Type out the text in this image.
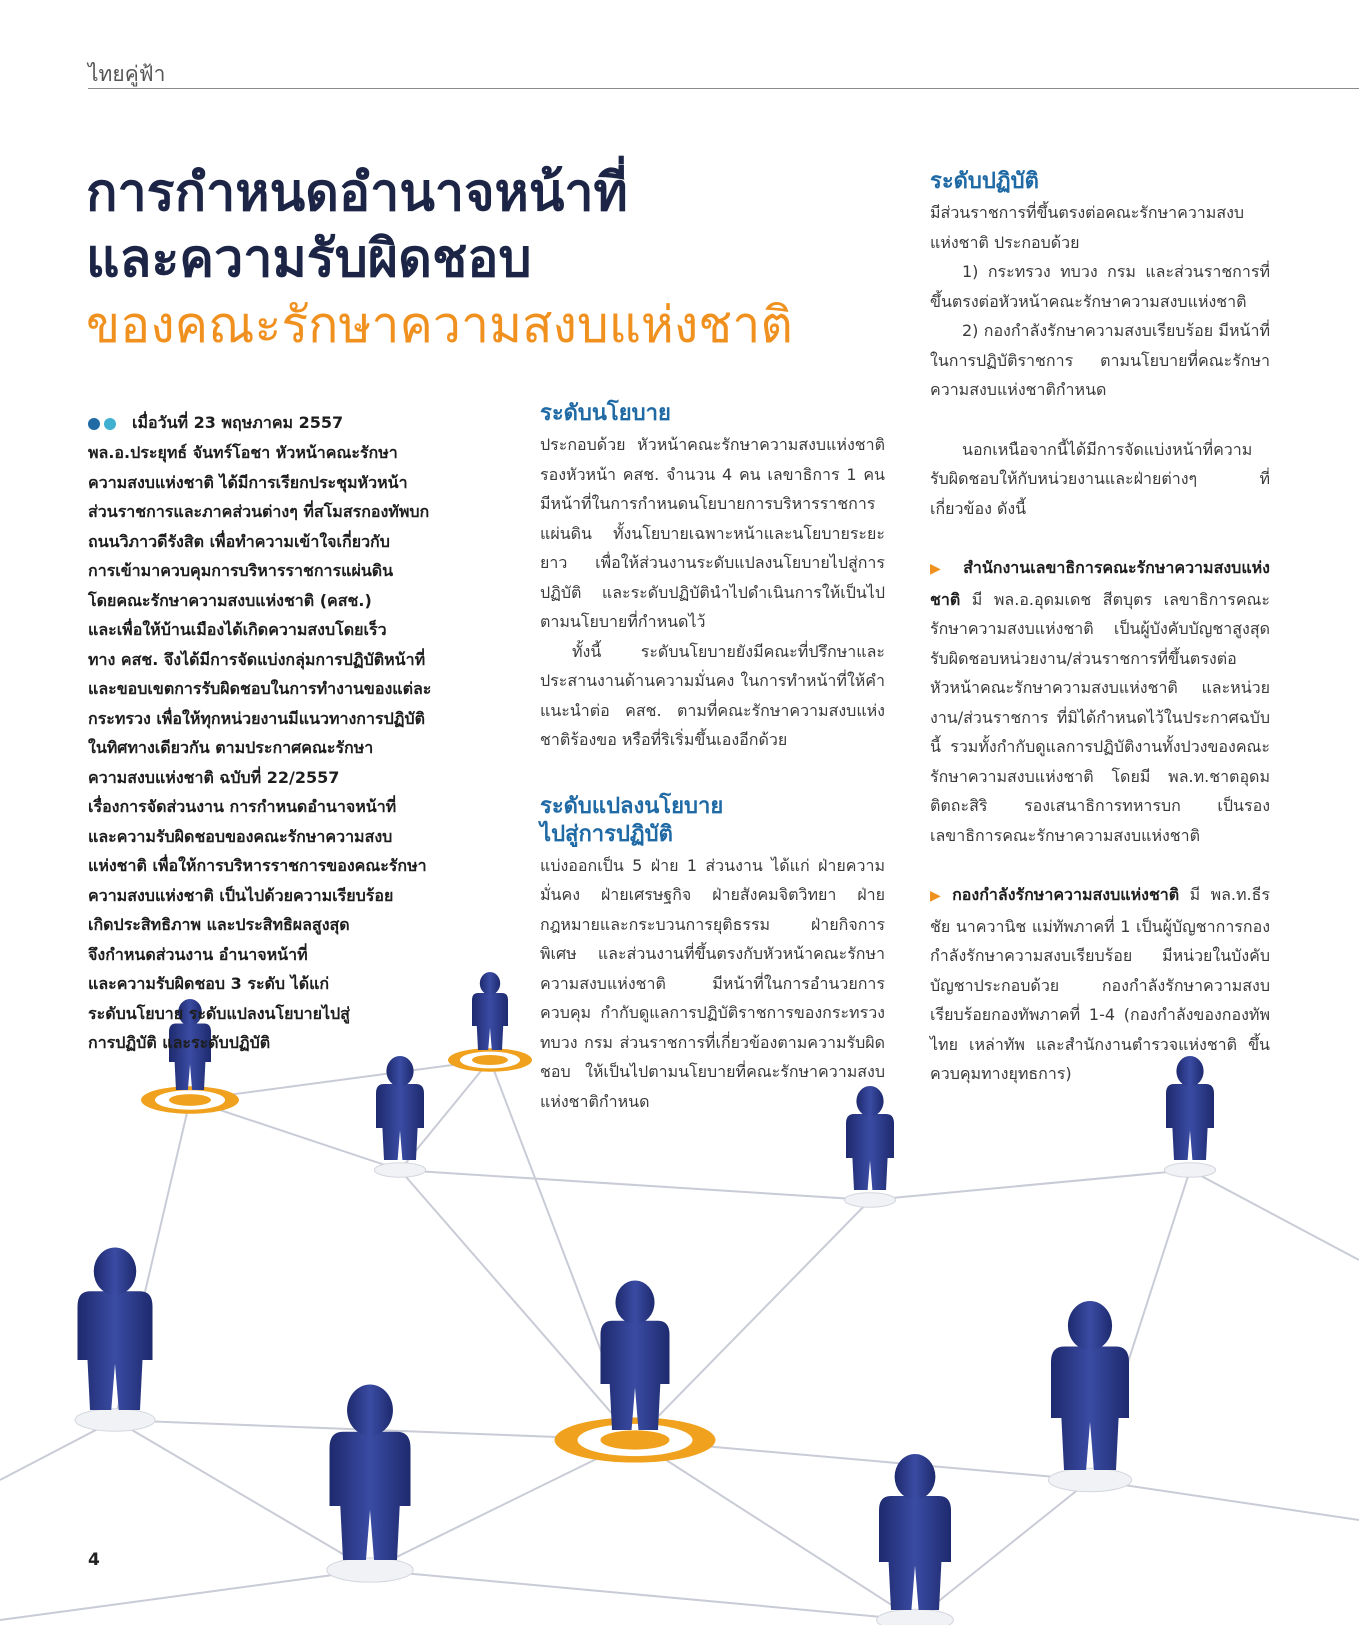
ไทยคู่ฟ้า
การกำหนดอำนาจหน้าที่
และความรับผิดชอบ
ของคณะรักษาความสงบแห่งชาติ
เมื่อวันที่ 23 พฤษภาคม 2557
พล.อ.ประยุทธ์ จันทร์โอชา หัวหน้าคณะรักษา
ความสงบแห่งชาติ ได้มีการเรียกประชุมหัวหน้า
ส่วนราชการและภาคส่วนต่างๆ ที่สโมสรกองทัพบก
ถนนวิภาวดีรังสิต เพื่อทำความเข้าใจเกี่ยวกับ
การเข้ามาควบคุมการบริหารราชการแผ่นดิน
โดยคณะรักษาความสงบแห่งชาติ (คสช.)
และเพื่อให้บ้านเมืองได้เกิดความสงบโดยเร็ว
ทาง คสช. จึงได้มีการจัดแบ่งกลุ่มการปฏิบัติหน้าที่
และขอบเขตการรับผิดชอบในการทำงานของแต่ละ
กระทรวง เพื่อให้ทุกหน่วยงานมีแนวทางการปฏิบัติ
ในทิศทางเดียวกัน ตามประกาศคณะรักษา
ความสงบแห่งชาติ ฉบับที่ 22/2557
เรื่องการจัดส่วนงาน การกำหนดอำนาจหน้าที่
และความรับผิดชอบของคณะรักษาความสงบ
แห่งชาติ เพื่อให้การบริหารราชการของคณะรักษา
ความสงบแห่งชาติ เป็นไปด้วยความเรียบร้อย
เกิดประสิทธิภาพ และประสิทธิผลสูงสุด
จึงกำหนดส่วนงาน อำนาจหน้าที่
และความรับผิดชอบ 3 ระดับ ได้แก่
ระดับนโยบาย ระดับแปลงนโยบายไปสู่
การปฏิบัติ และระดับปฏิบัติ
ระดับนโยบาย

ประกอบด้วย หัวหน้าคณะรักษาความสงบแห่งชาติ รองหัวหน้า คสช. จำนวน 4 คน เลขาธิการ 1 คน มีหน้าที่ในการกำหนดนโยบายการบริหารราชการแผ่นดิน ทั้งนโยบายเฉพาะหน้าและนโยบายระยะยาว เพื่อให้ส่วนงานระดับแปลงนโยบายไปสู่การปฏิบัติ และระดับปฏิบัตินำไปดำเนินการให้เป็นไปตามนโยบายที่กำหนดไว้

ทั้งนี้ ระดับนโยบายยังมีคณะที่ปรึกษาและประสานงานด้านความมั่นคง ในการทำหน้าที่ให้คำแนะนำต่อ คสช. ตามที่คณะรักษาความสงบแห่งชาติร้องขอ หรือที่ริเริ่มขึ้นเองอีกด้วย

ระดับแปลงนโยบาย
ไปสู่การปฏิบัติ

แบ่งออกเป็น 5 ฝ่าย 1 ส่วนงาน ได้แก่ ฝ่ายความมั่นคง ฝ่ายเศรษฐกิจ ฝ่ายสังคมจิตวิทยา ฝ่ายกฎหมายและกระบวนการยุติธรรม ฝ่ายกิจการพิเศษ และส่วนงานที่ขึ้นตรงกับหัวหน้าคณะรักษาความสงบแห่งชาติ มีหน้าที่ในการอำนวยการ ควบคุม กำกับดูแลการปฏิบัติราชการของกระทรวง ทบวง กรม ส่วนราชการที่เกี่ยวข้องตามความรับผิดชอบ ให้เป็นไปตามนโยบายที่คณะรักษาความสงบแห่งชาติกำหนด

ระดับปฏิบัติ

มีส่วนราชการที่ขึ้นตรงต่อคณะรักษาความสงบแห่งชาติ ประกอบด้วย

1) กระทรวง ทบวง กรม และส่วนราชการที่ขึ้นตรงต่อหัวหน้าคณะรักษาความสงบแห่งชาติ

2) กองกำลังรักษาความสงบเรียบร้อย มีหน้าที่ในการปฏิบัติราชการ ตามนโยบายที่คณะรักษาความสงบแห่งชาติกำหนด

นอกเหนือจากนี้ได้มีการจัดแบ่งหน้าที่ความรับผิดชอบให้กับหน่วยงานและฝ่ายต่างๆ ที่เกี่ยวข้อง ดังนี้

▶ สำนักงานเลขาธิการคณะรักษาความสงบแห่งชาติ มี พล.อ.อุดมเดช สีตบุตร เลขาธิการคณะรักษาความสงบแห่งชาติ เป็นผู้บังคับบัญชาสูงสุด รับผิดชอบหน่วยงาน/ส่วนราชการที่ขึ้นตรงต่อหัวหน้าคณะรักษาความสงบแห่งชาติ และหน่วยงาน/ส่วนราชการ ที่มิได้กำหนดไว้ในประกาศฉบับนี้ รวมทั้งกำกับดูแลการปฏิบัติงานทั้งปวงของคณะรักษาความสงบแห่งชาติ โดยมี พล.ท.ชาตอุดม ติตถะสิริ รองเสนาธิการทหารบก เป็นรองเลขาธิการคณะรักษาความสงบแห่งชาติ

▶ กองกำลังรักษาความสงบแห่งชาติ มี พล.ท.ธีรชัย นาควานิช แม่ทัพภาคที่ 1 เป็นผู้บัญชาการกองกำลังรักษาความสงบเรียบร้อย มีหน่วยในบังคับบัญชาประกอบด้วย กองกำลังรักษาความสงบเรียบร้อยกองทัพภาคที่ 1-4 (กองกำลังของกองทัพไทย เหล่าทัพ และสำนักงานตำรวจแห่งชาติ ขึ้นควบคุมทางยุทธการ)

4
